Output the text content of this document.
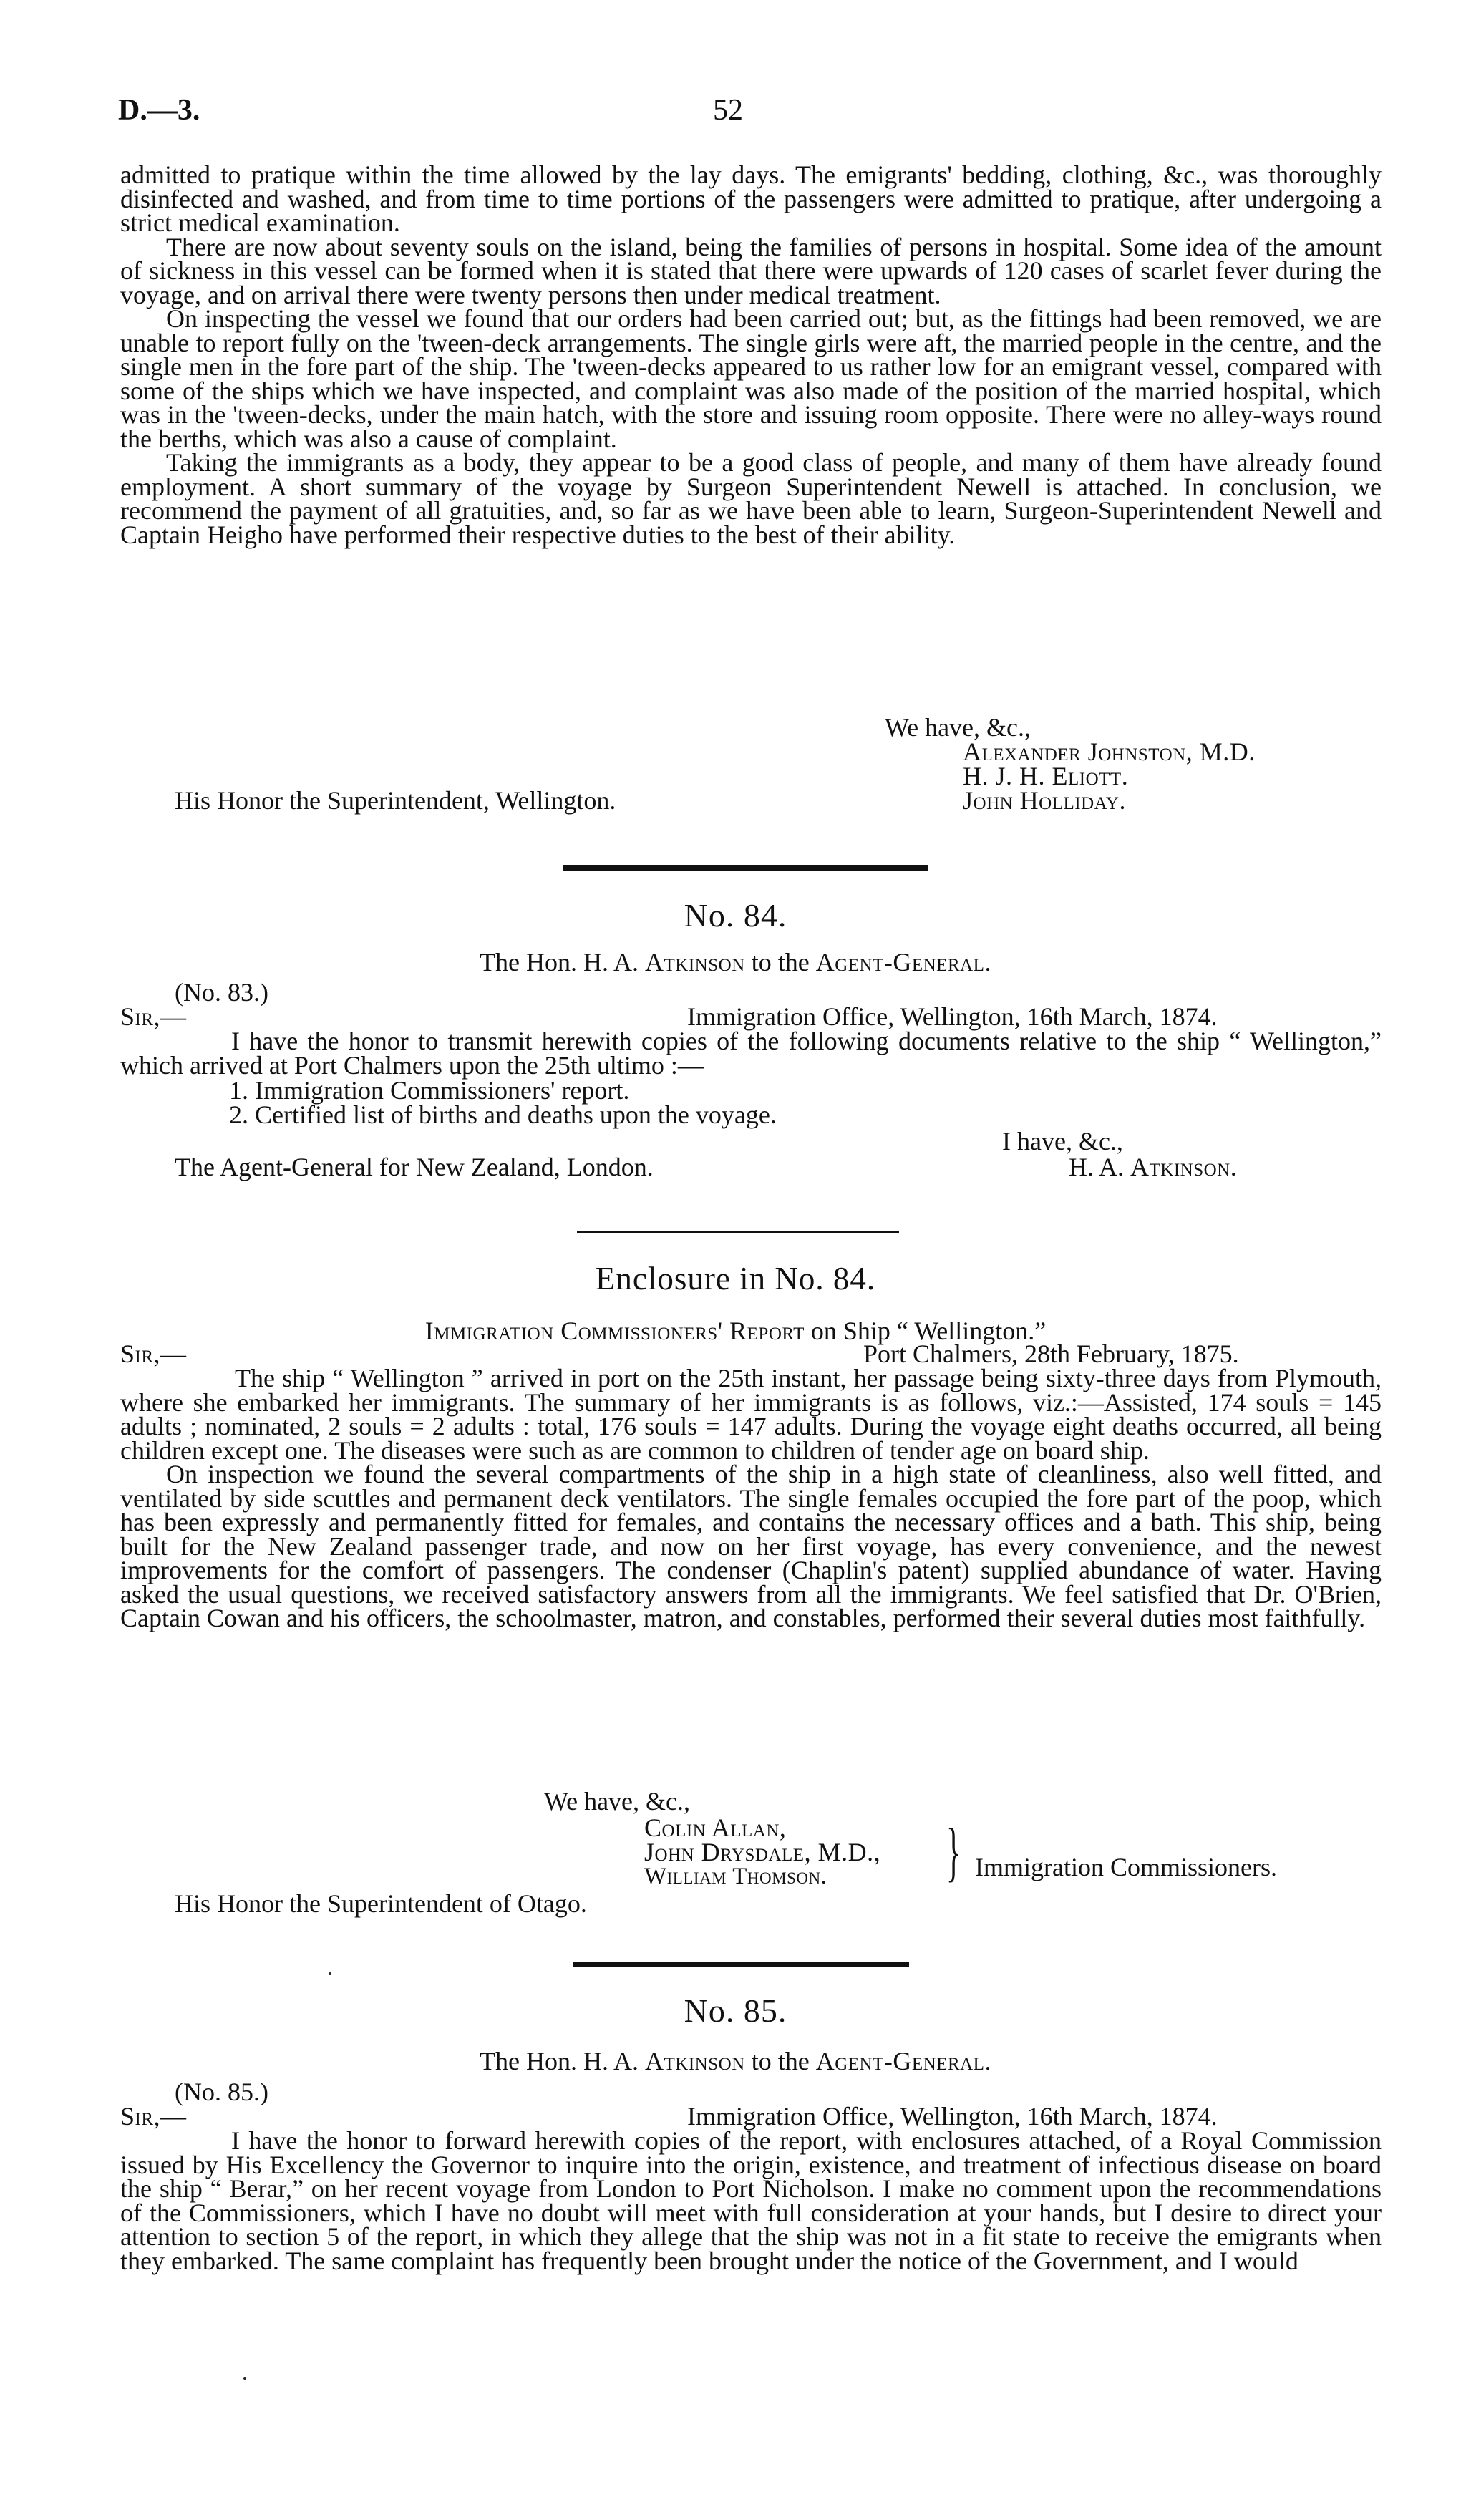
D.—3.	52

admitted to pratique within the time allowed by the lay days. The emigrants' bedding, clothing, &c., was thoroughly disinfected and washed, and from time to time portions of the passengers were admitted to pratique, after undergoing a strict medical examination.

There are now about seventy souls on the island, being the families of persons in hospital. Some idea of the amount of sickness in this vessel can be formed when it is stated that there were upwards of 120 cases of scarlet fever during the voyage, and on arrival there were twenty persons then under medical treatment.

On inspecting the vessel we found that our orders had been carried out; but, as the fittings had been removed, we are unable to report fully on the 'tween-deck arrangements. The single girls were aft, the married people in the centre, and the single men in the fore part of the ship. The 'tween-decks appeared to us rather low for an emigrant vessel, compared with some of the ships which we have inspected, and complaint was also made of the position of the married hospital, which was in the 'tween-decks, under the main hatch, with the store and issuing room opposite. There were no alley-ways round the berths, which was also a cause of complaint.

Taking the immigrants as a body, they appear to be a good class of people, and many of them have already found employment. A short summary of the voyage by Surgeon Superintendent Newell is attached. In conclusion, we recommend the payment of all gratuities, and, so far as we have been able to learn, Surgeon-Superintendent Newell and Captain Heigho have performed their respective duties to the best of their ability.

We have, &c.,
Alexander Johnston, M.D.
H. J. H. Eliott.
His Honor the Superintendent, Wellington.	John Holliday.
No. 84.
The Hon. H. A. Atkinson to the Agent-General.
(No. 83.)
Sir,—	Immigration Office, Wellington, 16th March, 1874.

I have the honor to transmit herewith copies of the following documents relative to the ship “ Wellington,” which arrived at Port Chalmers upon the 25th ultimo :—

1. Immigration Commissioners' report.
2. Certified list of births and deaths upon the voyage.
I have, &c.,
The Agent-General for New Zealand, London.	H. A. Atkinson.
Enclosure in No. 84.
Immigration Commissioners' Report on Ship “ Wellington.”
Sir,—	Port Chalmers, 28th February, 1875.

The ship “ Wellington ” arrived in port on the 25th instant, her passage being sixty-three days from Plymouth, where she embarked her immigrants. The summary of her immigrants is as follows, viz.:—Assisted, 174 souls = 145 adults ; nominated, 2 souls = 2 adults : total, 176 souls = 147 adults. During the voyage eight deaths occurred, all being children except one. The diseases were such as are common to children of tender age on board ship.

On inspection we found the several compartments of the ship in a high state of cleanliness, also well fitted, and ventilated by side scuttles and permanent deck ventilators. The single females occupied the fore part of the poop, which has been expressly and permanently fitted for females, and contains the necessary offices and a bath. This ship, being built for the New Zealand passenger trade, and now on her first voyage, has every convenience, and the newest improvements for the comfort of passengers. The condenser (Chaplin's patent) supplied abundance of water. Having asked the usual questions, we received satisfactory answers from all the immigrants. We feel satisfied that Dr. O'Brien, Captain Cowan and his officers, the schoolmaster, matron, and constables, performed their several duties most faithfully.

We have, &c.,
Colin Allan,
John Drysdale, M.D.,
William Thomson. } Immigration Commissioners.
His Honor the Superintendent of Otago.
No. 85.
The Hon. H. A. Atkinson to the Agent-General.
(No. 85.)
Sir,—	Immigration Office, Wellington, 16th March, 1874.

I have the honor to forward herewith copies of the report, with enclosures attached, of a Royal Commission issued by His Excellency the Governor to inquire into the origin, existence, and treatment of infectious disease on board the ship “ Berar,” on her recent voyage from London to Port Nicholson. I make no comment upon the recommendations of the Commissioners, which I have no doubt will meet with full consideration at your hands, but I desire to direct your attention to section 5 of the report, in which they allege that the ship was not in a fit state to receive the emigrants when they embarked. The same complaint has frequently been brought under the notice of the Government, and I would
